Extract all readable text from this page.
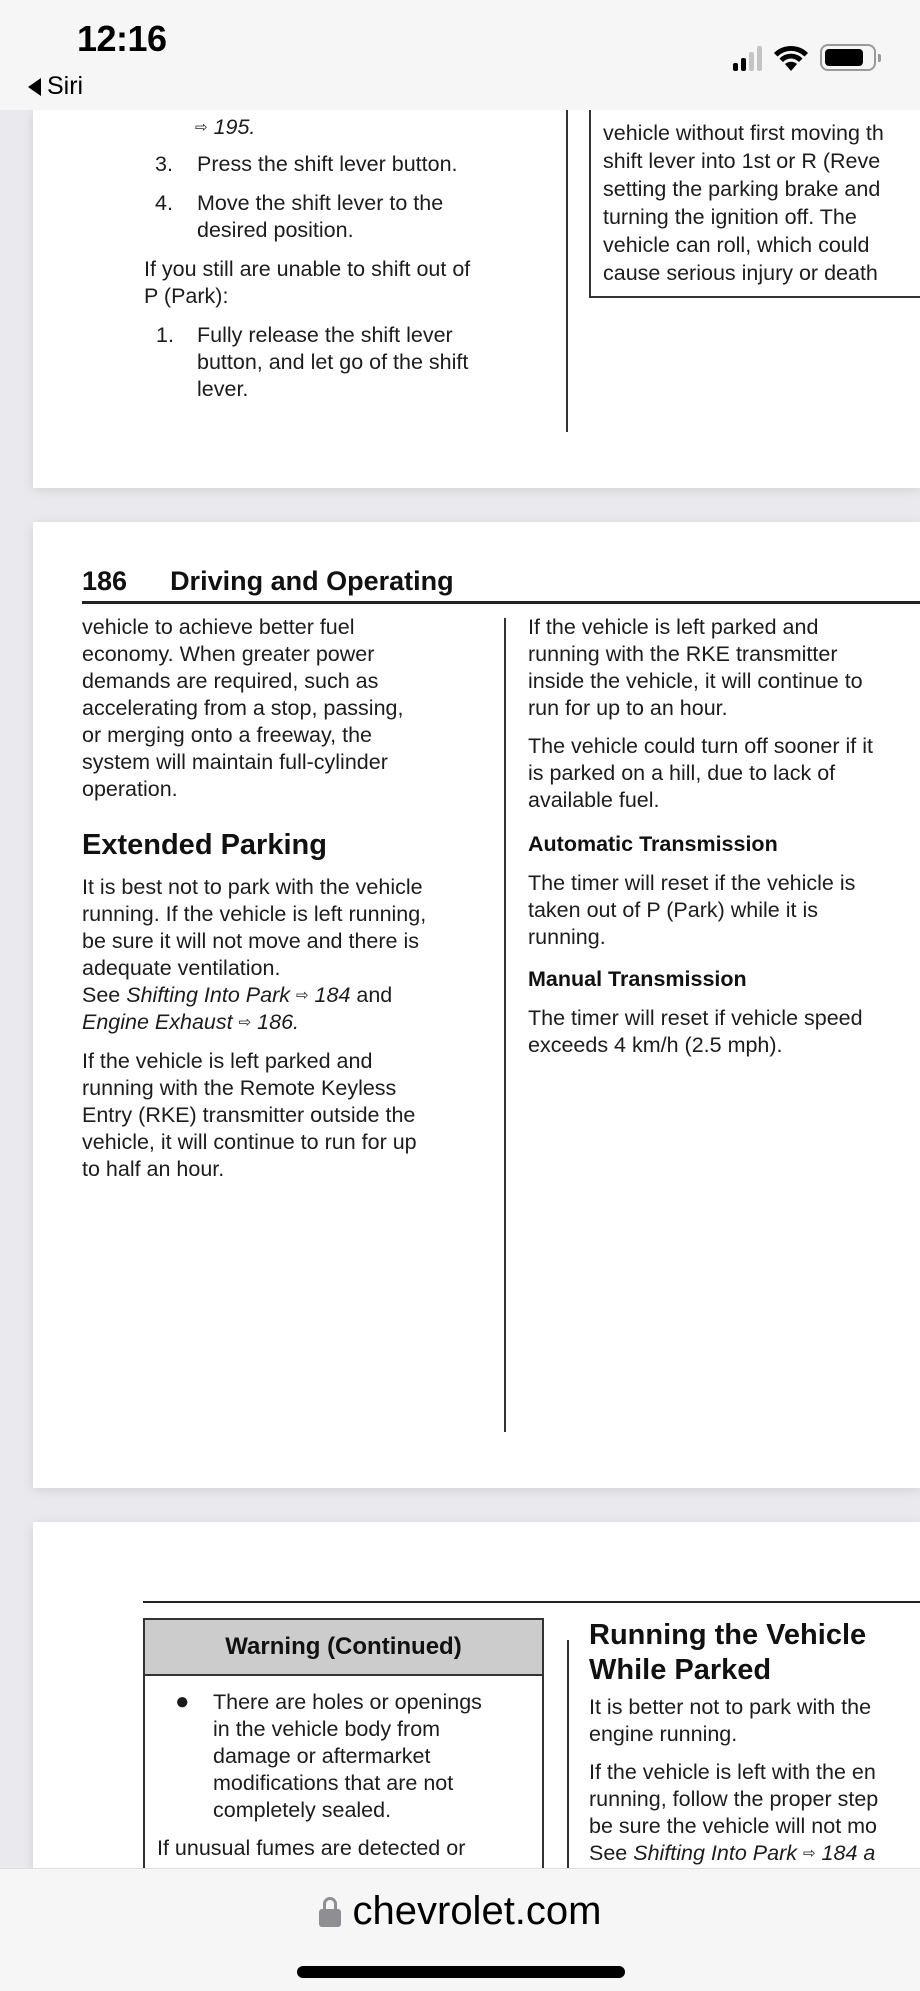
12:16
Siri
⇨ 195.
3. Press the shift lever button.
4. Move the shift lever to the
desired position.
If you still are unable to shift out of
P (Park):
1. Fully release the shift lever
button, and let go of the shift
lever.
vehicle without first moving th
shift lever into 1st or R (Reve
setting the parking brake and
turning the ignition off. The
vehicle can roll, which could
cause serious injury or death
186 Driving and Operating
vehicle to achieve better fuel
economy. When greater power
demands are required, such as
accelerating from a stop, passing,
or merging onto a freeway, the
system will maintain full-cylinder
operation.
Extended Parking
It is best not to park with the vehicle
running. If the vehicle is left running,
be sure it will not move and there is
adequate ventilation.
See Shifting Into Park ⇨ 184 and
Engine Exhaust ⇨ 186.
If the vehicle is left parked and
running with the Remote Keyless
Entry (RKE) transmitter outside the
vehicle, it will continue to run for up
to half an hour.
If the vehicle is left parked and
running with the RKE transmitter
inside the vehicle, it will continue to
run for up to an hour.
The vehicle could turn off sooner if it
is parked on a hill, due to lack of
available fuel.
Automatic Transmission
The timer will reset if the vehicle is
taken out of P (Park) while it is
running.
Manual Transmission
The timer will reset if vehicle speed
exceeds 4 km/h (2.5 mph).
Warning (Continued)
● There are holes or openings
in the vehicle body from
damage or aftermarket
modifications that are not
completely sealed.
If unusual fumes are detected or
Running the Vehicle
While Parked
It is better not to park with the
engine running.
If the vehicle is left with the en
running, follow the proper step
be sure the vehicle will not mo
See Shifting Into Park ⇨ 184 a
chevrolet.com
